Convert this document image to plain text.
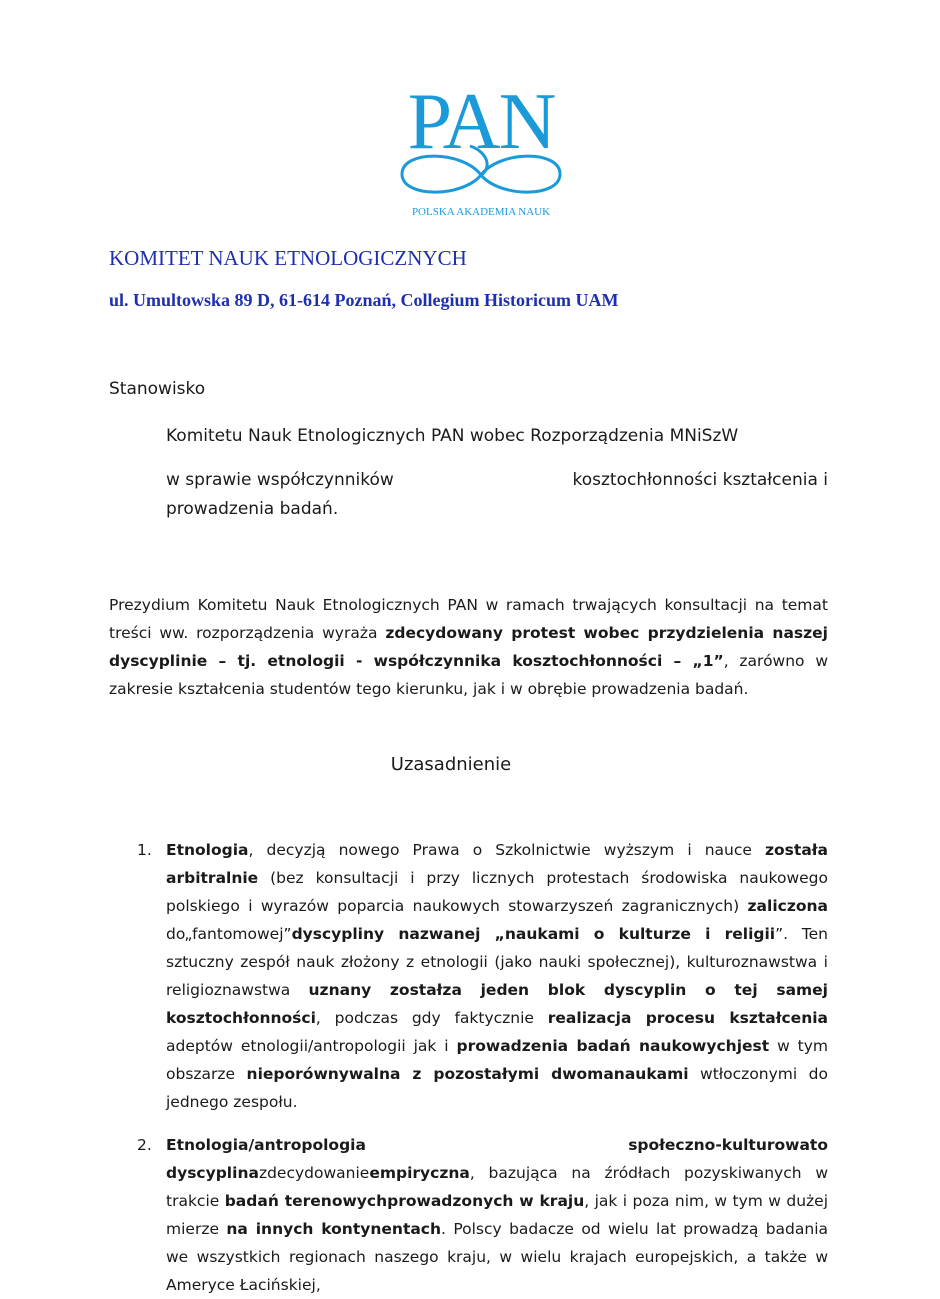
PAN
POLSKA AKADEMIA NAUK
KOMITET NAUK ETNOLOGICZNYCH
ul. Umultowska 89 D, 61-614 Poznań, Collegium Historicum UAM
Stanowisko
Komitetu Nauk Etnologicznych PAN wobec Rozporządzenia MNiSzW
w sprawie współczynników	kosztochłonności kształcenia i
prowadzenia badań.
Prezydium Komitetu Nauk Etnologicznych PAN w ramach trwających konsultacji na temat treści ww. rozporządzenia wyraża zdecydowany protest wobec przydzielenia naszej dyscyplinie – tj. etnologii - współczynnika kosztochłonności – „1”, zarówno w zakresie kształcenia studentów tego kierunku, jak i w obrębie prowadzenia badań.
Uzasadnienie
1. Etnologia, decyzją nowego Prawa o Szkolnictwie wyższym i nauce została arbitralnie (bez konsultacji i przy licznych protestach środowiska naukowego polskiego i wyrazów poparcia naukowych stowarzyszeń zagranicznych) zaliczona do„fantomowej”dyscypliny nazwanej „naukami o kulturze i religii”. Ten sztuczny zespół nauk złożony z etnologii (jako nauki społecznej), kulturoznawstwa i religioznawstwa uznany zostałza jeden blok dyscyplin o tej samej kosztochłonności, podczas gdy faktycznie realizacja procesu kształcenia adeptów etnologii/antropologii jak i prowadzenia badań naukowychjest w tym obszarze nieporównywalna z pozostałymi dwomanaukami wtłoczonymi do jednego zespołu.
2. Etnologia/antropologia	społeczno-kulturowato
dyscyplinazdecydowanieempiryczna, bazująca na źródłach pozyskiwanych w trakcie badań terenowychprowadzonych w kraju, jak i poza nim, w tym w dużej mierze na innych kontynentach. Polscy badacze od wielu lat prowadzą badania we wszystkich regionach naszego kraju, w wielu krajach europejskich, a także w Ameryce Łacińskiej,
